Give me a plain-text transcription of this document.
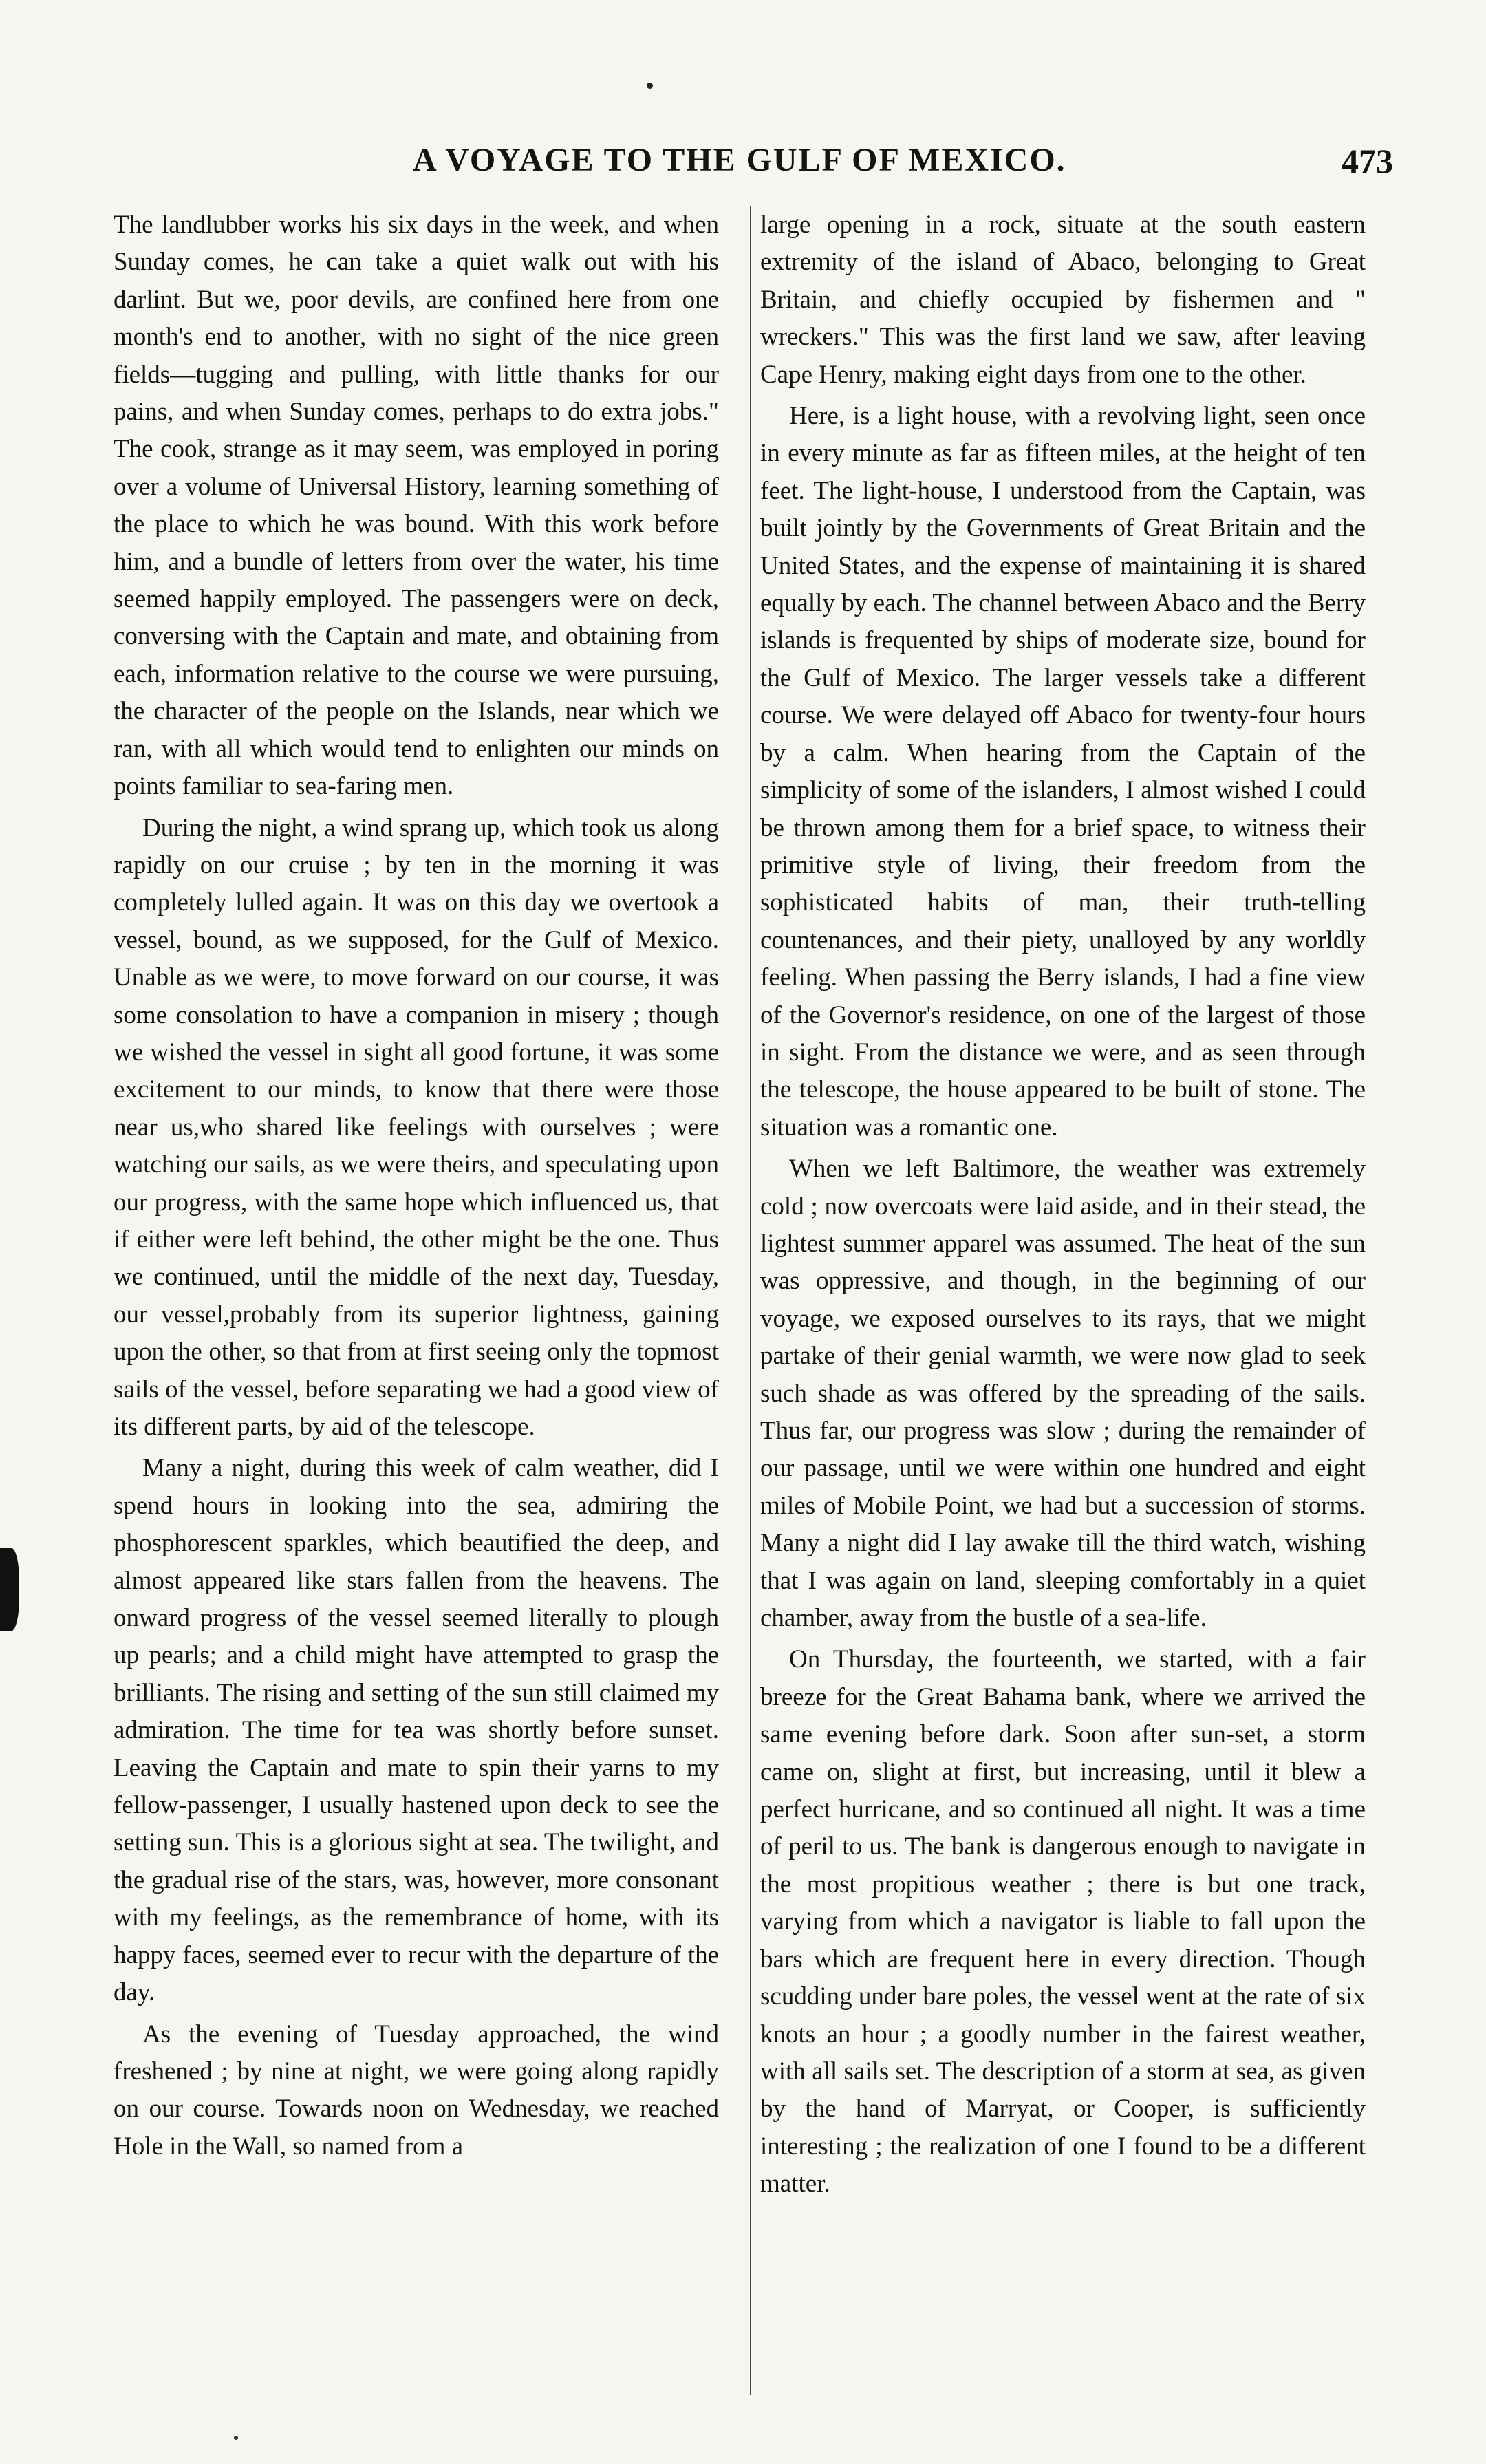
A VOYAGE TO THE GULF OF MEXICO.	473

The landlubber works his six days in the week, and when Sunday comes, he can take a quiet walk out with his darlint. But we, poor devils, are confined here from one month's end to another, with no sight of the nice green fields—tugging and pulling, with little thanks for our pains, and when Sunday comes, perhaps to do extra jobs." The cook, strange as it may seem, was employed in poring over a volume of Universal History, learning something of the place to which he was bound. With this work before him, and a bundle of letters from over the water, his time seemed happily employed. The passengers were on deck, conversing with the Captain and mate, and obtaining from each, information relative to the course we were pursuing, the character of the people on the Islands, near which we ran, with all which would tend to enlighten our minds on points familiar to sea-faring men.

During the night, a wind sprang up, which took us along rapidly on our cruise ; by ten in the morning it was completely lulled again. It was on this day we overtook a vessel, bound, as we supposed, for the Gulf of Mexico. Unable as we were, to move forward on our course, it was some consolation to have a companion in misery ; though we wished the vessel in sight all good fortune, it was some excitement to our minds, to know that there were those near us,who shared like feelings with ourselves ; were watching our sails, as we were theirs, and speculating upon our progress, with the same hope which influenced us, that if either were left behind, the other might be the one. Thus we continued, until the middle of the next day, Tuesday, our vessel,probably from its superior lightness, gaining upon the other, so that from at first seeing only the topmost sails of the vessel, before separating we had a good view of its different parts, by aid of the telescope.

Many a night, during this week of calm weather, did I spend hours in looking into the sea, admiring the phosphorescent sparkles, which beautified the deep, and almost appeared like stars fallen from the heavens. The onward progress of the vessel seemed literally to plough up pearls; and a child might have attempted to grasp the brilliants. The rising and setting of the sun still claimed my admiration. The time for tea was shortly before sunset. Leaving the Captain and mate to spin their yarns to my fellow-passenger, I usually hastened upon deck to see the setting sun. This is a glorious sight at sea. The twilight, and the gradual rise of the stars, was, however, more consonant with my feelings, as the remembrance of home, with its happy faces, seemed ever to recur with the departure of the day.

As the evening of Tuesday approached, the wind freshened ; by nine at night, we were going along rapidly on our course. Towards noon on Wednesday, we reached Hole in the Wall, so named from a

large opening in a rock, situate at the south eastern extremity of the island of Abaco, belonging to Great Britain, and chiefly occupied by fishermen and " wreckers." This was the first land we saw, after leaving Cape Henry, making eight days from one to the other.

Here, is a light house, with a revolving light, seen once in every minute as far as fifteen miles, at the height of ten feet. The light-house, I understood from the Captain, was built jointly by the Governments of Great Britain and the United States, and the expense of maintaining it is shared equally by each. The channel between Abaco and the Berry islands is frequented by ships of moderate size, bound for the Gulf of Mexico. The larger vessels take a different course. We were delayed off Abaco for twenty-four hours by a calm. When hearing from the Captain of the simplicity of some of the islanders, I almost wished I could be thrown among them for a brief space, to witness their primitive style of living, their freedom from the sophisticated habits of man, their truth-telling countenances, and their piety, unalloyed by any worldly feeling. When passing the Berry islands, I had a fine view of the Governor's residence, on one of the largest of those in sight. From the distance we were, and as seen through the telescope, the house appeared to be built of stone. The situation was a romantic one.

When we left Baltimore, the weather was extremely cold ; now overcoats were laid aside, and in their stead, the lightest summer apparel was assumed. The heat of the sun was oppressive, and though, in the beginning of our voyage, we exposed ourselves to its rays, that we might partake of their genial warmth, we were now glad to seek such shade as was offered by the spreading of the sails. Thus far, our progress was slow ; during the remainder of our passage, until we were within one hundred and eight miles of Mobile Point, we had but a succession of storms. Many a night did I lay awake till the third watch, wishing that I was again on land, sleeping comfortably in a quiet chamber, away from the bustle of a sea-life.

On Thursday, the fourteenth, we started, with a fair breeze for the Great Bahama bank, where we arrived the same evening before dark. Soon after sun-set, a storm came on, slight at first, but increasing, until it blew a perfect hurricane, and so continued all night. It was a time of peril to us. The bank is dangerous enough to navigate in the most propitious weather ; there is but one track, varying from which a navigator is liable to fall upon the bars which are frequent here in every direction. Though scudding under bare poles, the vessel went at the rate of six knots an hour ; a goodly number in the fairest weather, with all sails set. The description of a storm at sea, as given by the hand of Marryat, or Cooper, is sufficiently interesting ; the realization of one I found to be a different matter.
